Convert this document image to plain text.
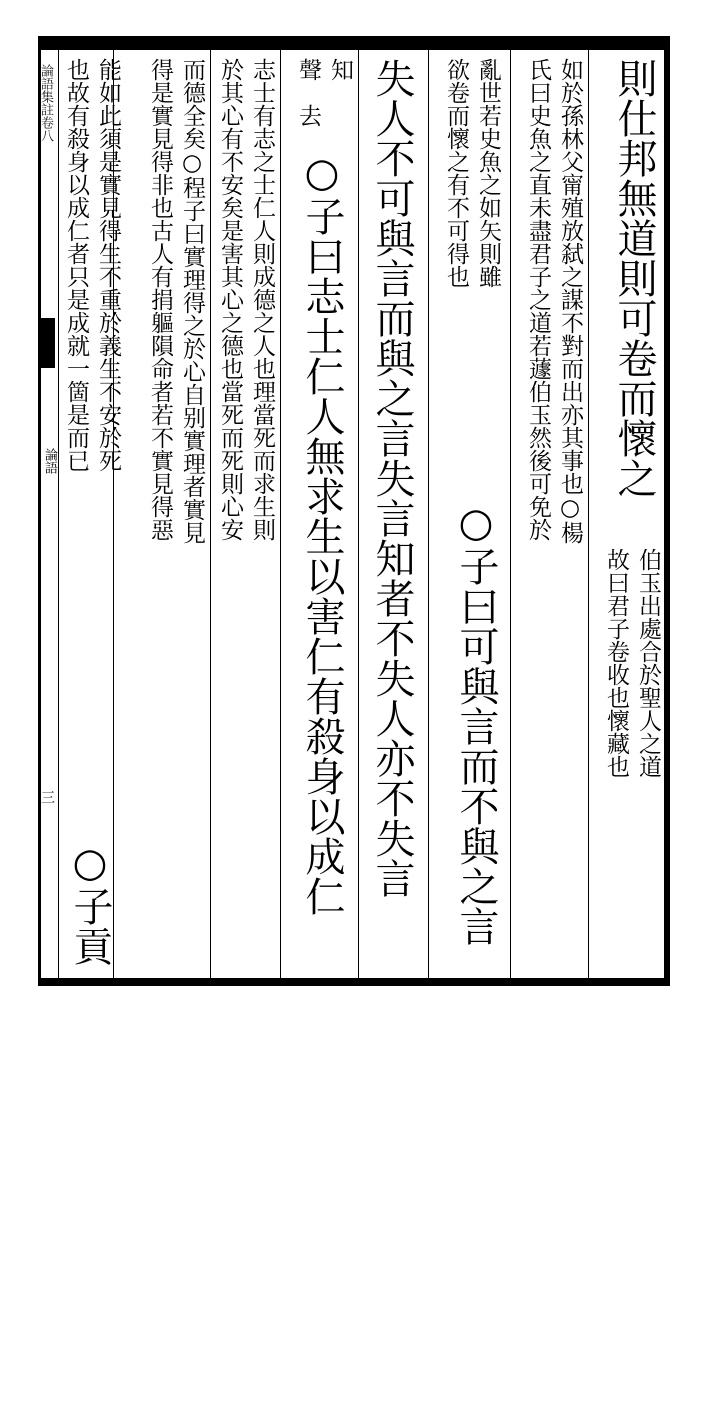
論語集註卷八
論語
三
則仕邦無道則可卷而懷之
伯玉出處合於聖人之道
故曰君子卷收也懷藏也
如於孫林父甯殖放弑之謀不對而出亦其事也○楊
氏曰史魚之直未盡君子之道若蘧伯玉然後可免於
亂世若史魚之如矢則雖
欲卷而懷之有不可得也
○子曰可與言而不與之言
失人不可與言而與之言失言知者不失人亦不失言
知
聲　去
○子曰志士仁人無求生以害仁有殺身以成仁
志士有志之士仁人則成德之人也理當死而求生則
於其心有不安矣是害其心之德也當死而死則心安
而德全矣○程子曰實理得之於心自别實理者實見
得是實見得非也古人有捐軀隕命者若不實見得惡
能如此須是實見得生不重於義生不安於死
也故有殺身以成仁者只是成就一箇是而已
○子貢
